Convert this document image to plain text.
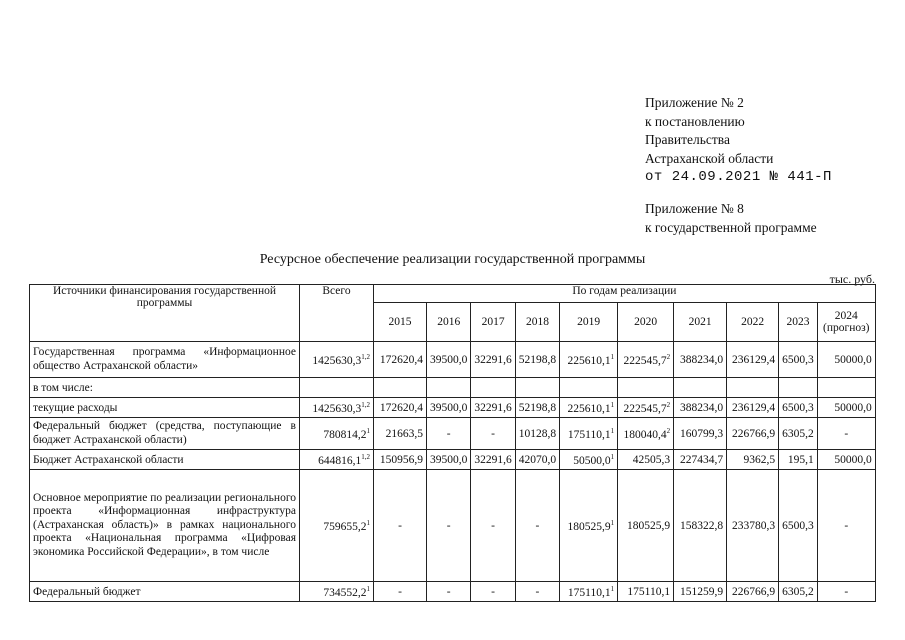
Приложение № 2
к постановлению
Правительства
Астраханской области
от 24.09.2021 № 441-П
Приложение № 8
к государственной программе
Ресурсное обеспечение реализации государственной программы
тыс. руб.
Источники финансирования государственной программы	Всего	По годам реализации									
		2015	2016	2017	2018	2019	2020	2021	2022	2023	2024 (прогноз)
Государственная программа «Информационное общество Астраханской области»	1425630,3$^{1,2}$	172620,4	39500,0	32291,6	52198,8	225610,1$^1$	222545,7$^2$	388234,0	236129,4	6500,3	50000,0
в том числе:											
текущие расходы	1425630,3$^{1,2}$	172620,4	39500,0	32291,6	52198,8	225610,1$^1$	222545,7$^2$	388234,0	236129,4	6500,3	50000,0
Федеральный бюджет (средства, поступающие в бюджет Астраханской области)	780814,2$^1$	21663,5	-	-	10128,8	175110,1$^1$	180040,4$^2$	160799,3	226766,9	6305,2	-
Бюджет Астраханской области	644816,1$^{1,2}$	150956,9	39500,0	32291,6	42070,0	50500,0$^1$	42505,3	227434,7	9362,5	195,1	50000,0
Основное мероприятие по реализации регионального проекта «Информационная инфраструктура (Астраханская область)» в рамках национального проекта «Национальная программа «Цифровая экономика Российской Федерации», в том числе	759655,2$^1$	-	-	-	-	180525,9$^1$	180525,9	158322,8	233780,3	6500,3	-
Федеральный бюджет	734552,2$^1$	-	-	-	-	175110,1$^1$	175110,1	151259,9	226766,9	6305,2	-
